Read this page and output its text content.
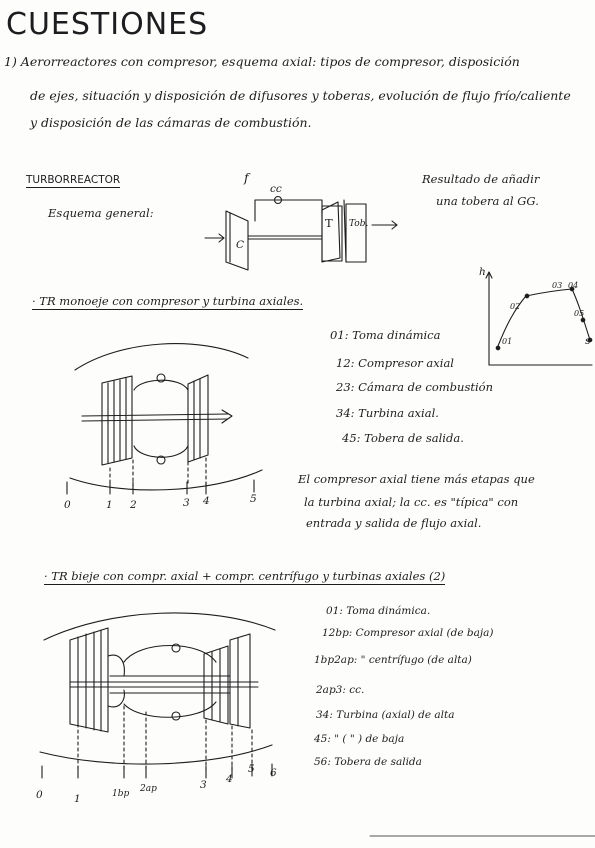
CUESTIONES
1) Aerorreactores con compresor, esquema axial: tipos de compresor, disposición
de ejes, situación y disposición de difusores y toberas, evolución de flujo frío/caliente
y disposición de las cámaras de combustión.
TURBORREACTOR
Esquema general:
f
cc
C
T Tob.
Resultado de añadir
una tobera al GG.
h
s
01
02
03 04
05
· TR monoeje con compresor y turbina axiales.
01: Toma dinámica
12: Compresor axial
23: Cámara de combustión
34: Turbina axial.
45: Tobera de salida.
0	1 2	3 4	5
El compresor axial tiene más etapas que
la turbina axial; la cc. es "típica" con
entrada y salida de flujo axial.
· TR bieje con compr. axial + compr. centrífugo y turbinas axiales (2)
01: Toma dinámica.
12bp: Compresor axial (de baja)
1bp2ap: " centrífugo (de alta)
2ap3: cc.
34: Turbina (axial) de alta
45: " ( " ) de baja
56: Tobera de salida
0	1	1bp 2ap	3 4
5 6
